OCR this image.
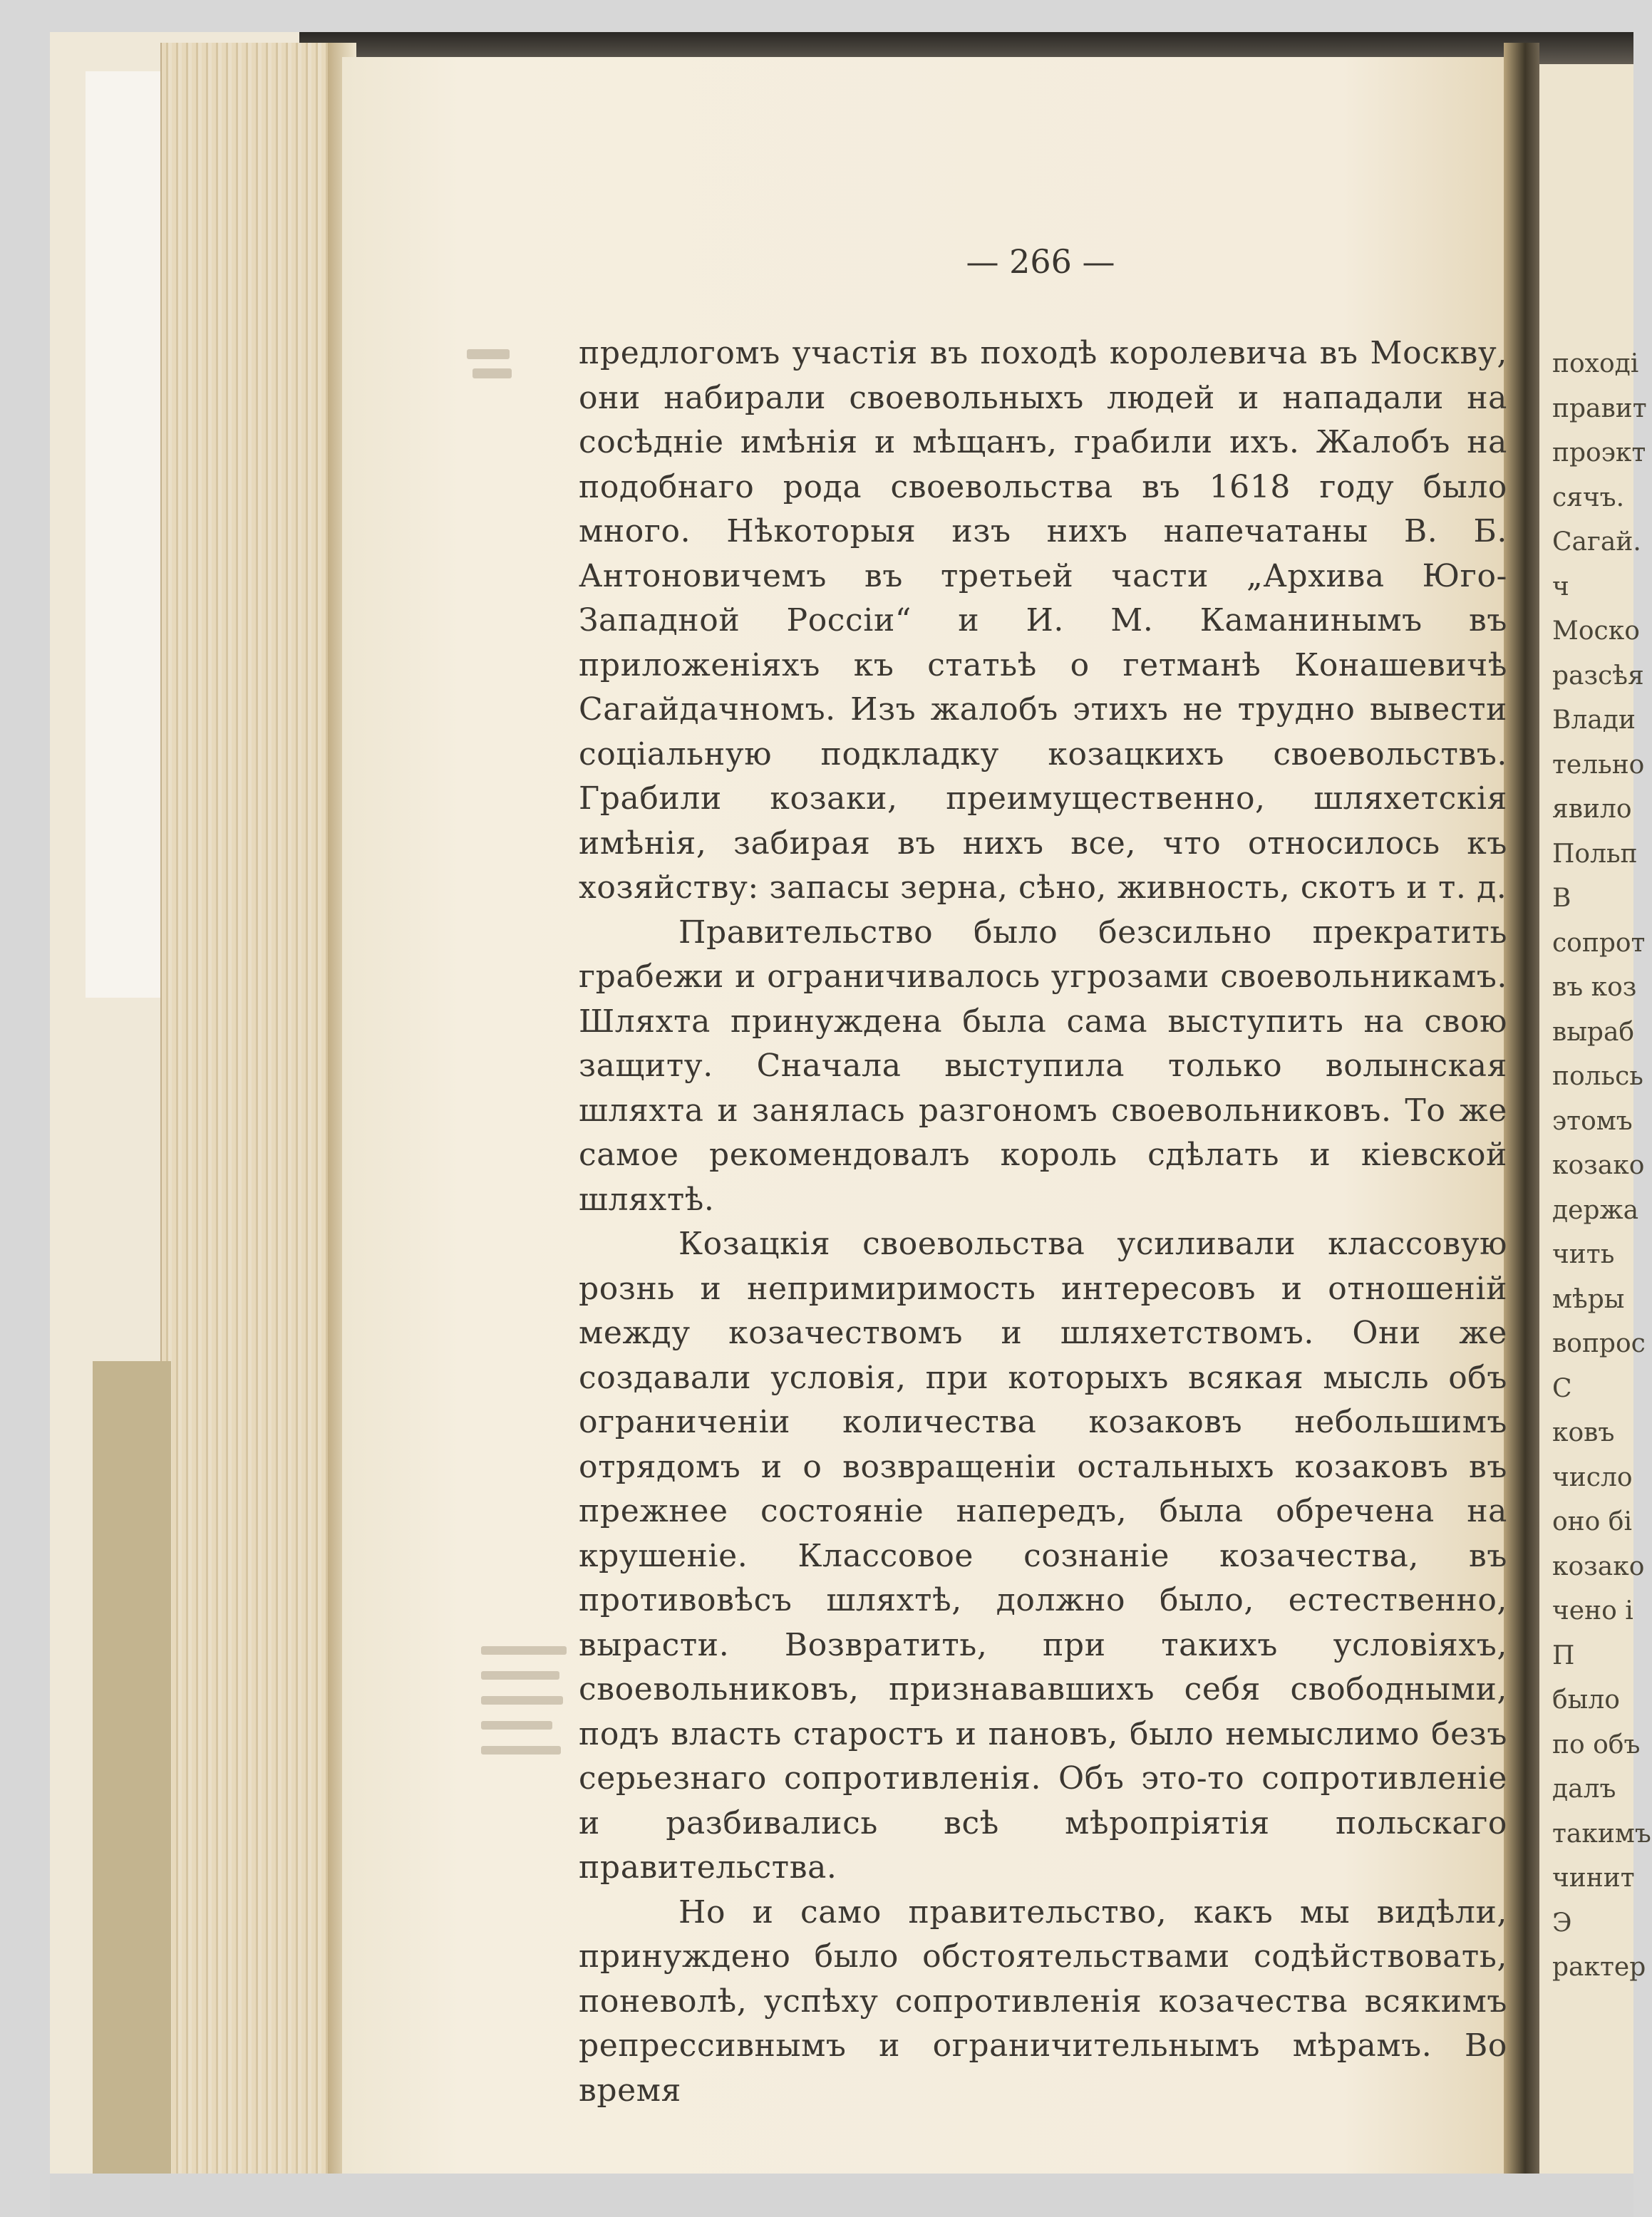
— 266 —

предлогомъ участія въ походѣ королевича въ Москву, они набирали своевольныхъ людей и нападали на сосѣдніе имѣнія и мѣщанъ, грабили ихъ. Жалобъ на подобнаго рода своевольства въ 1618 году было много. Нѣкоторыя изъ нихъ напечатаны В. Б. Антоновичемъ въ третьей части „Архива Юго-Западной Россіи“ и И. М. Каманинымъ въ приложеніяхъ къ статьѣ о гетманѣ Конашевичѣ Сагайдачномъ. Изъ жалобъ этихъ не трудно вывести соціальную подкладку козацкихъ своевольствъ. Грабили козаки, преимущественно, шляхетскія имѣнія, забирая въ нихъ все, что относилось къ хозяйству: запасы зерна, сѣно, живность, скотъ и т. д.

Правительство было безсильно прекратить грабежи и ограничивалось угрозами своевольникамъ. Шляхта принуждена была сама выступить на свою защиту. Сначала выступила только волынская шляхта и занялась разгономъ своевольниковъ. То же самое рекомендовалъ король сдѣлать и кіевской шляхтѣ.

Козацкія своевольства усиливали классовую рознь и непримиримость интересовъ и отношеній между козачествомъ и шляхетствомъ. Они же создавали условія, при которыхъ всякая мысль объ ограниченіи количества козаковъ небольшимъ отрядомъ и о возвращеніи остальныхъ козаковъ въ прежнее состояніе напередъ, была обречена на крушеніе. Классовое сознаніе козачества, въ противовѣсъ шляхтѣ, должно было, естественно, вырасти. Возвратить, при такихъ условіяхъ, своевольниковъ, признававшихъ себя свободными, подъ власть старостъ и пановъ, было немыслимо безъ серьезнаго сопротивленія. Объ это-то сопротивленіе и разбивались всѣ мѣропріятія польскаго правительства.

Но и само правительство, какъ мы видѣли, принуждено было обстоятельствами содѣйствовать, поневолѣ, успѣху сопротивленія козачества всякимъ репрессивнымъ и ограничительнымъ мѣрамъ. Во время

поході
правит
проэкт
сячъ.
Сагай.
ч
Моско
разсѣя
Влади
тельно
явило
Польп
В
сопрот
въ коз
выраб
польсь
этомъ
козако
держа
чить
мѣры
вопрос
С
ковъ
число
оно бі
козако
чено і
П
было
по объ
далъ
такимъ
чинит
Э
рактер
